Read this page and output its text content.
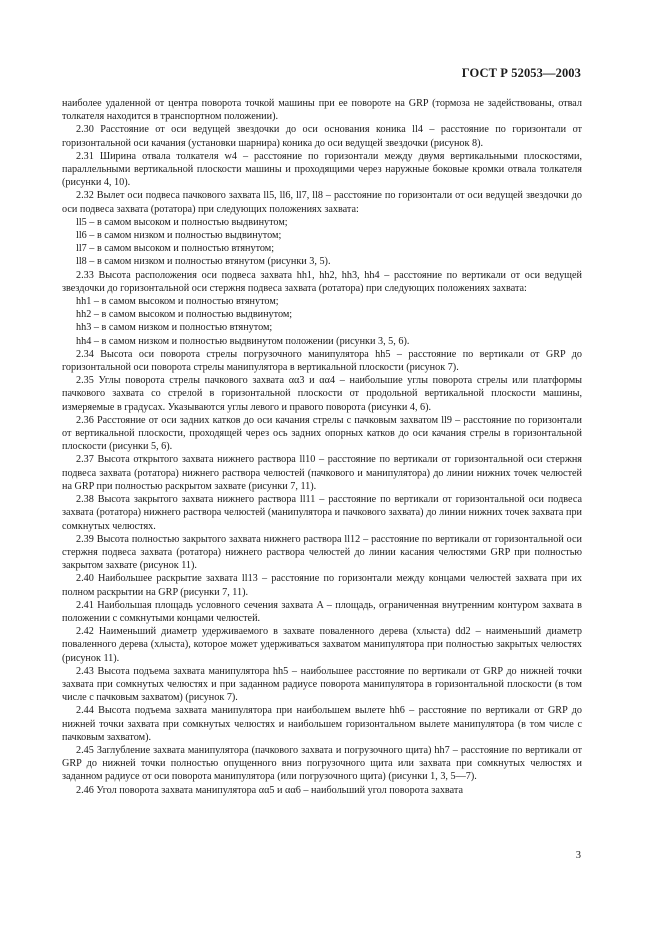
ГОСТ Р 52053—2003

наиболее удаленной от центра поворота точкой машины при ее повороте на GRP (тормоза не задействованы, отвал толкателя находится в транспортном положении).

2.30 Расстояние от оси ведущей звездочки до оси основания коника ll4 – расстояние по горизонтали от горизонтальной оси качания (установки шарнира) коника до оси ведущей звездочки (рисунок 8).

2.31 Ширина отвала толкателя w4 – расстояние по горизонтали между двумя вертикальными плоскостями, параллельными вертикальной плоскости машины и проходящими через наружные боковые кромки отвала толкателя (рисунки 4, 10).

2.32 Вылет оси подвеса пачкового захвата ll5, ll6, ll7, ll8 – расстояние по горизонтали от оси ведущей звездочки до оси подвеса захвата (ротатора) при следующих положениях захвата:

ll5 – в самом высоком и полностью выдвинутом;

ll6 – в самом низком и полностью выдвинутом;

ll7 – в самом высоком и полностью втянутом;

ll8 – в самом низком и полностью втянутом (рисунки 3, 5).

2.33 Высота расположения оси подвеса захвата hh1, hh2, hh3, hh4 – расстояние по вертикали от оси ведущей звездочки до горизонтальной оси стержня подвеса захвата (ротатора) при следующих положениях захвата:

hh1 – в самом высоком и полностью втянутом;

hh2 – в самом высоком и полностью выдвинутом;

hh3 – в самом низком и полностью втянутом;

hh4 – в самом низком и полностью выдвинутом положении (рисунки 3, 5, 6).

2.34 Высота оси поворота стрелы погрузочного манипулятора hh5 – расстояние по вертикали от GRP до горизонтальной оси поворота стрелы манипулятора в вертикальной плоскости (рисунок 7).

2.35 Углы поворота стрелы пачкового захвата αα3 и αα4 – наибольшие углы поворота стрелы или платформы пачкового захвата со стрелой в горизонтальной плоскости от продольной вертикальной плоскости машины, измеряемые в градусах. Указываются углы левого и правого поворота (рисунки 4, 6).

2.36 Расстояние от оси задних катков до оси качания стрелы с пачковым захватом ll9 – расстояние по горизонтали от вертикальной плоскости, проходящей через ось задних опорных катков до оси качания стрелы в горизонтальной плоскости (рисунки 5, 6).

2.37 Высота открытого захвата нижнего раствора ll10 – расстояние по вертикали от горизонтальной оси стержня подвеса захвата (ротатора) нижнего раствора челюстей (пачкового и манипулятора) до линии нижних точек челюстей на GRP при полностью раскрытом захвате (рисунки 7, 11).

2.38 Высота закрытого захвата нижнего раствора ll11 – расстояние по вертикали от горизонтальной оси подвеса захвата (ротатора) нижнего раствора челюстей (манипулятора и пачкового захвата) до линии нижних точек захвата при сомкнутых челюстях.

2.39 Высота полностью закрытого захвата нижнего раствора ll12 – расстояние по вертикали от горизонтальной оси стержня подвеса захвата (ротатора) нижнего раствора челюстей до линии касания челюстями GRP при полностью закрытом захвате (рисунок 11).

2.40 Наибольшее раскрытие захвата ll13 – расстояние по горизонтали между концами челюстей захвата при их полном раскрытии на GRP (рисунки 7, 11).

2.41 Наибольшая площадь условного сечения захвата A – площадь, ограниченная внутренним контуром захвата в положении с сомкнутыми концами челюстей.

2.42 Наименьший диаметр удерживаемого в захвате поваленного дерева (хлыста) dd2 – наименьший диаметр поваленного дерева (хлыста), которое может удерживаться захватом манипулятора при полностью закрытых челюстях (рисунок 11).

2.43 Высота подъема захвата манипулятора hh5 – наибольшее расстояние по вертикали от GRP до нижней точки захвата при сомкнутых челюстях и при заданном радиусе поворота манипулятора в горизонтальной плоскости (в том числе с пачковым захватом) (рисунок 7).

2.44 Высота подъема захвата манипулятора при наибольшем вылете hh6 – расстояние по вертикали от GRP до нижней точки захвата при сомкнутых челюстях и наибольшем горизонтальном вылете манипулятора (в том числе с пачковым захватом).

2.45 Заглубление захвата манипулятора (пачкового захвата и погрузочного щита) hh7 – расстояние по вертикали от GRP до нижней точки полностью опущенного вниз погрузочного щита или захвата при сомкнутых челюстях и заданном радиусе от оси поворота манипулятора (или погрузочного щита) (рисунки 1, 3, 5—7).

2.46 Угол поворота захвата манипулятора αα5 и αα6 – наибольший угол поворота захвата

3
